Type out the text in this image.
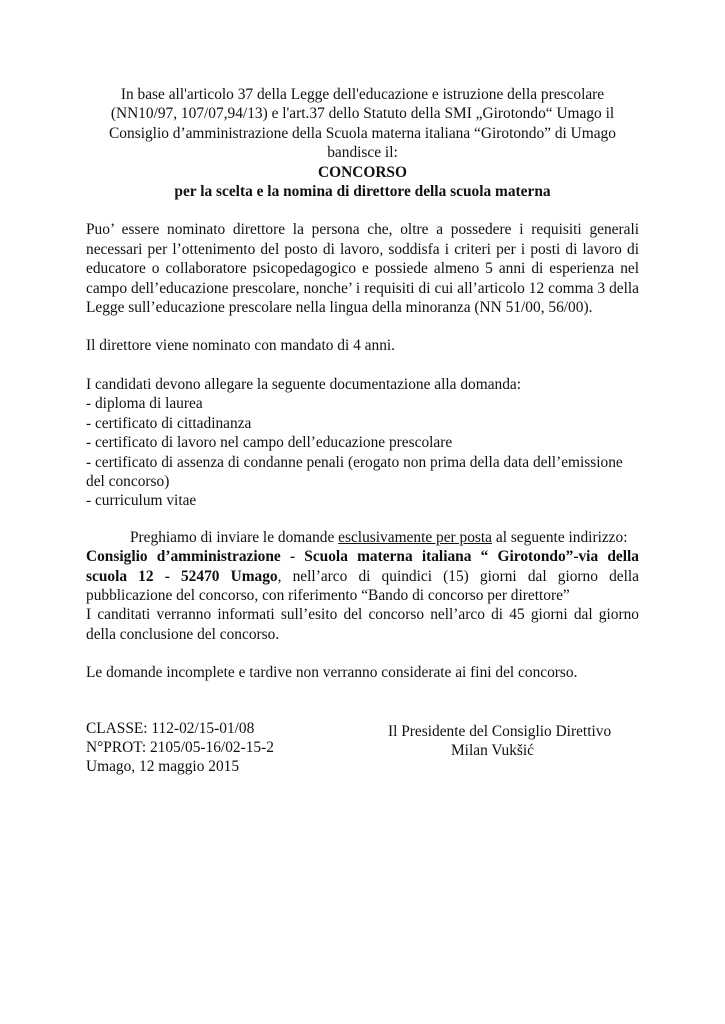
In base all'articolo 37 della Legge dell'educazione e istruzione della prescolare (NN10/97, 107/07,94/13) e l'art.37 dello Statuto della SMI „Girotondo“ Umago il Consiglio d’amministrazione della Scuola materna italiana “Girotondo” di Umago bandisce il:

CONCORSO

per la scelta e la nomina di direttore della scuola materna

Puo’ essere nominato direttore la persona che, oltre a possedere i requisiti generali necessari per l’ottenimento del posto di lavoro, soddisfa i criteri per i posti di lavoro di educatore o collaboratore psicopedagogico e possiede almeno 5 anni di esperienza nel campo dell’educazione prescolare, nonche’ i requisiti di cui all’articolo 12 comma 3 della Legge sull’educazione prescolare nella lingua della minoranza (NN 51/00, 56/00).

Il direttore viene nominato con mandato di 4 anni.

I candidati devono allegare la seguente documentazione alla domanda:

- diploma di laurea
- certificato di cittadinanza
- certificato di lavoro nel campo dell’educazione prescolare
- certificato di assenza di condanne penali (erogato non prima della data dell’emissione del concorso)
- curriculum vitae

Preghiamo di inviare le domande esclusivamente per posta al seguente indirizzo:

Consiglio d’amministrazione - Scuola materna italiana “ Girotondo”-via della scuola 12 - 52470 Umago, nell’arco di quindici (15) giorni dal giorno della pubblicazione del concorso, con riferimento “Bando di concorso per direttore”

I canditati verranno informati sull’esito del concorso nell’arco di 45 giorni dal giorno della conclusione del concorso.

Le domande incomplete e tardive non verranno considerate ai fini del concorso.

CLASSE: 112-02/15-01/08

N°PROT: 2105/05-16/02-15-2

Umago, 12 maggio 2015

Il Presidente del Consiglio Direttivo

Milan Vukšić
